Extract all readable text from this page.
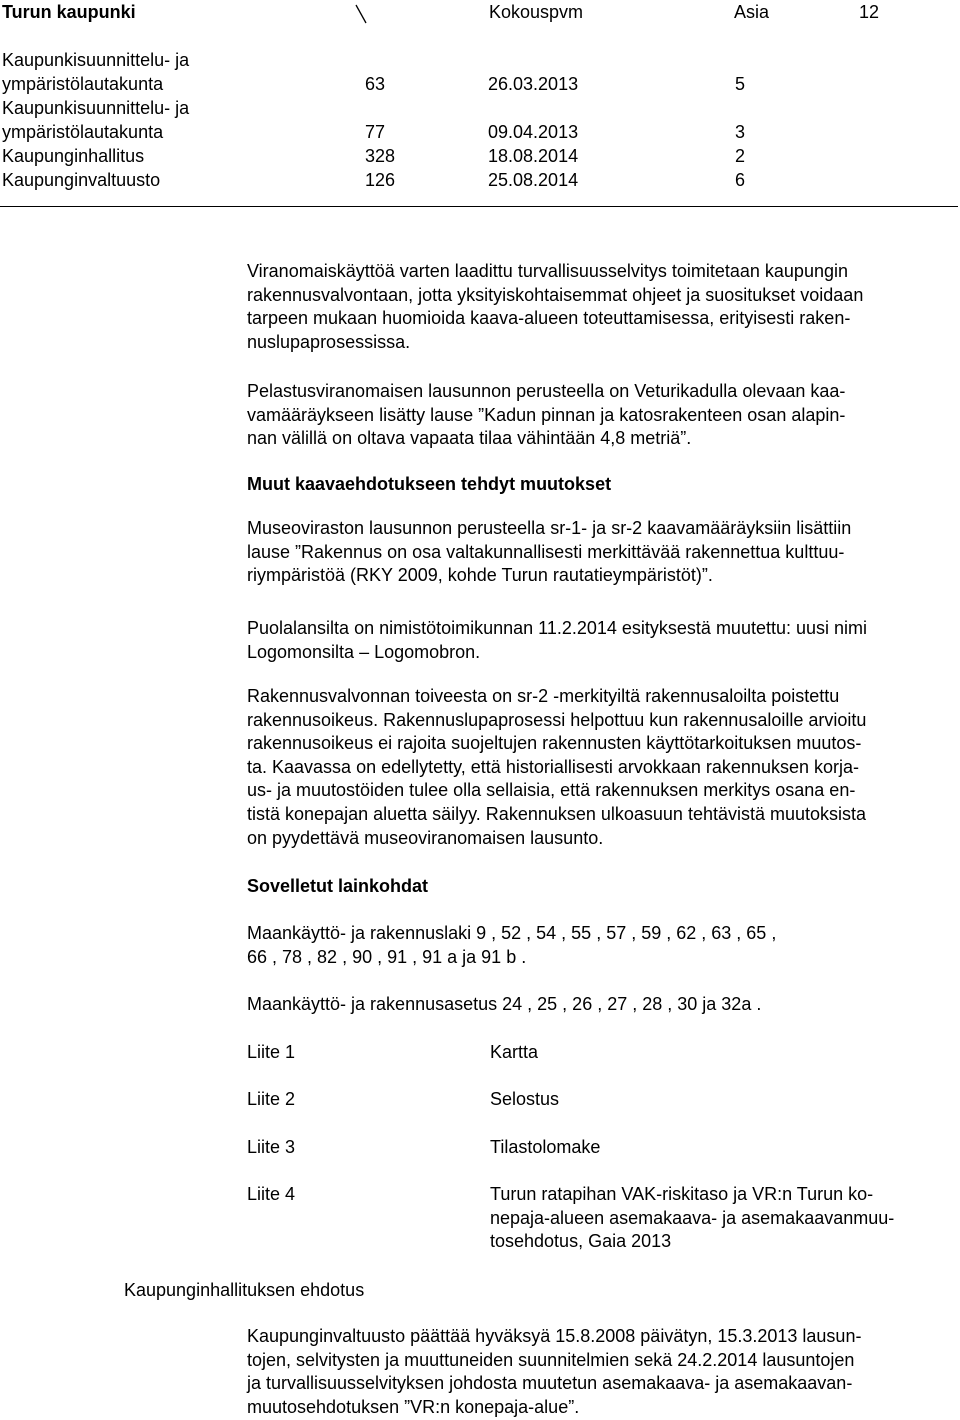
Turun kaupunki	Kokouspvm	Asia	12
Kaupunkisuunnittelu- ja
ympäristölautakunta	63	26.03.2013	5
Kaupunkisuunnittelu- ja
ympäristölautakunta	77	09.04.2013	3
Kaupunginhallitus	328	18.08.2014	2
Kaupunginvaltuusto	126	25.08.2014	6

Viranomaiskäyttöä varten laadittu turvallisuusselvitys toimitetaan kaupungin

rakennusvalvontaan, jotta yksityiskohtaisemmat ohjeet ja suositukset voidaan

tarpeen mukaan huomioida kaava-alueen toteuttamisessa, erityisesti raken-

nuslupaprosessissa.

Pelastusviranomaisen lausunnon perusteella on Veturikadulla olevaan kaa-

vamääräykseen lisätty lause ”Kadun pinnan ja katosrakenteen osan alapin-

nan välillä on oltava vapaata tilaa vähintään 4,8 metriä”.

Muut kaavaehdotukseen tehdyt muutokset

Museoviraston lausunnon perusteella sr-1- ja sr-2 kaavamääräyksiin lisättiin

lause ”Rakennus on osa valtakunnallisesti merkittävää rakennettua kulttuu-

riympäristöä (RKY 2009, kohde Turun rautatieympäristöt)”.

Puolalansilta on nimistötoimikunnan 11.2.2014 esityksestä muutettu: uusi nimi

Logomonsilta – Logomobron.

Rakennusvalvonnan toiveesta on sr-2 -merkityiltä rakennusaloilta poistettu

rakennusoikeus. Rakennuslupaprosessi helpottuu kun rakennusaloille arvioitu

rakennusoikeus ei rajoita suojeltujen rakennusten käyttötarkoituksen muutos-

ta. Kaavassa on edellytetty, että historiallisesti arvokkaan rakennuksen korja-

us- ja muutostöiden tulee olla sellaisia, että rakennuksen merkitys osana en-

tistä konepajan aluetta säilyy. Rakennuksen ulkoasuun tehtävistä muutoksista

on pyydettävä museoviranomaisen lausunto.

Sovelletut lainkohdat

Maankäyttö- ja rakennuslaki 9 , 52 , 54 , 55 , 57 , 59 , 62 , 63 , 65 ,

66 , 78 , 82 , 90 , 91 , 91 a ja 91 b .

Maankäyttö- ja rakennusasetus 24 , 25 , 26 , 27 , 28 , 30 ja 32a .

Liite 1	Kartta
Liite 2	Selostus
Liite 3	Tilastolomake
Liite 4	Turun ratapihan VAK-riskitaso ja VR:n Turun ko-
nepaja-alueen asemakaava- ja asemakaavanmuu-
tosehdotus, Gaia 2013
Kaupunginhallituksen ehdotus

Kaupunginvaltuusto päättää hyväksyä 15.8.2008 päivätyn, 15.3.2013 lausun-

tojen, selvitysten ja muuttuneiden suunnitelmien sekä 24.2.2014 lausuntojen

ja turvallisuusselvityksen johdosta muutetun asemakaava- ja asemakaavan-

muutosehdotuksen ”VR:n konepaja-alue”.
